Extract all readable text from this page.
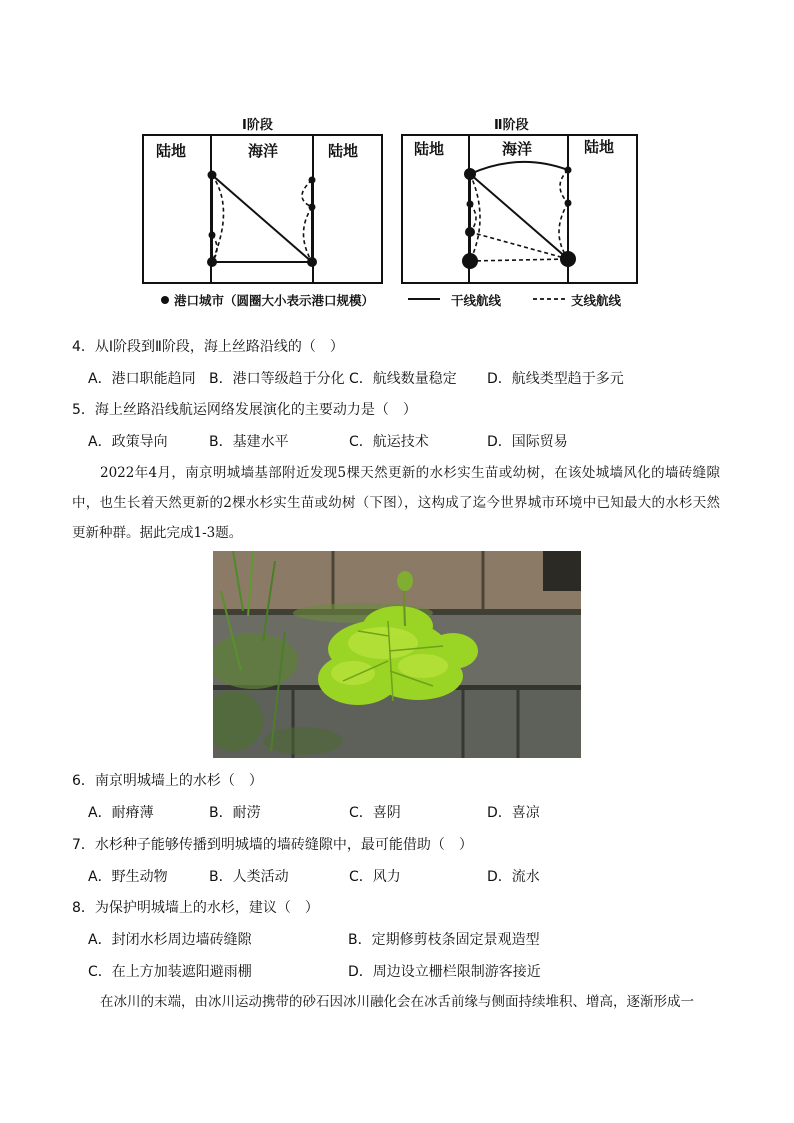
Ⅰ阶段	Ⅱ阶段
陆地	海洋	陆地	陆地	海洋	陆地
港口城市（圆圈大小表示港口规模）	干线航线	支线航线
4．从Ⅰ阶段到Ⅱ阶段，海上丝路沿线的（　）
A．港口职能趋同 B．港口等级趋于分化 C．航线数量稳定 D．航线类型趋于多元
5．海上丝路沿线航运网络发展演化的主要动力是（　）
A．政策导向	B．基建水平	C．航运技术	D．国际贸易
2022年4月，南京明城墙基部附近发现5棵天然更新的水杉实生苗或幼树，在该处城墙风化的墙砖缝隙中，也生长着天然更新的2棵水杉实生苗或幼树（下图），这构成了迄今世界城市环境中已知最大的水杉天然更新种群。据此完成1-3题。
6．南京明城墙上的水杉（　）
A．耐瘠薄	B．耐涝	C．喜阴	D．喜凉
7．水杉种子能够传播到明城墙的墙砖缝隙中，最可能借助（　）
A．野生动物	B．人类活动	C．风力	D．流水
8．为保护明城墙上的水杉，建议（　）
A．封闭水杉周边墙砖缝隙	B．定期修剪枝条固定景观造型
C．在上方加装遮阳避雨棚	D．周边设立栅栏限制游客接近
在冰川的末端，由冰川运动携带的砂石因冰川融化会在冰舌前缘与侧面持续堆积、增高，逐渐形成一
